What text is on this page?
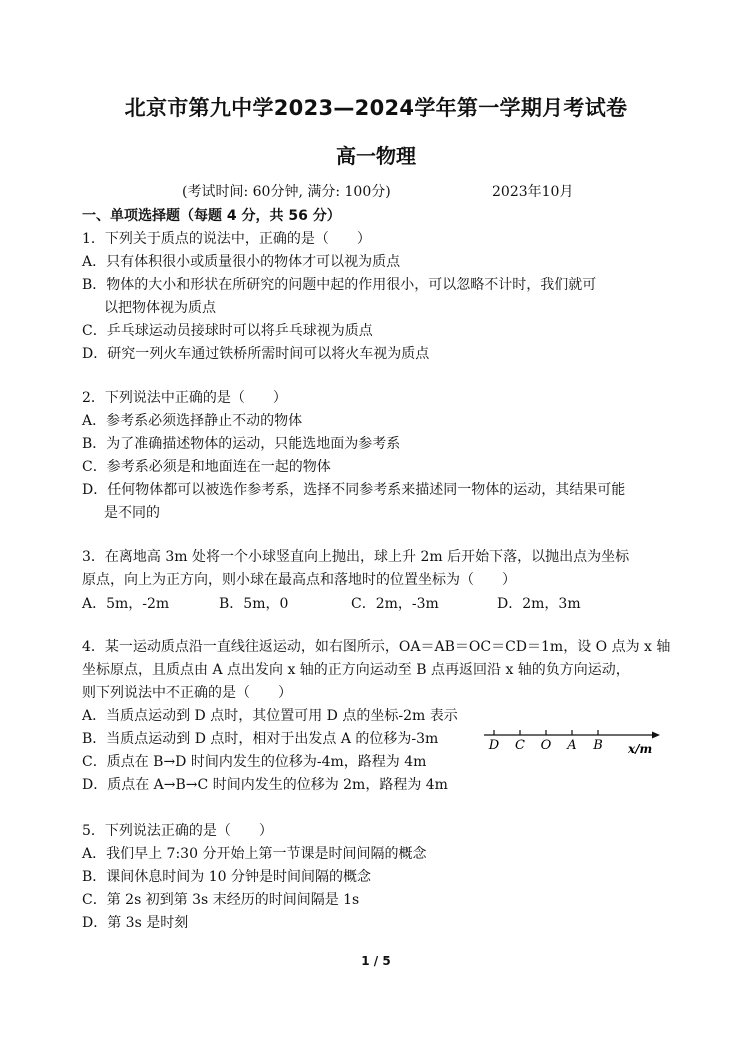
北京市第九中学2023—2024学年第一学期月考试卷
高一物理
(考试时间: 60分钟, 满分: 100分)	2023年10月
一、单项选择题（每题 4 分，共 56 分）
1．下列关于质点的说法中，正确的是（　　）
A．只有体积很小或质量很小的物体才可以视为质点
B．物体的大小和形状在所研究的问题中起的作用很小，可以忽略不计时，我们就可
以把物体视为质点
C．乒乓球运动员接球时可以将乒乓球视为质点
D．研究一列火车通过铁桥所需时间可以将火车视为质点
2．下列说法中正确的是（　　）
A．参考系必须选择静止不动的物体
B．为了准确描述物体的运动，只能选地面为参考系
C．参考系必须是和地面连在一起的物体
D．任何物体都可以被选作参考系，选择不同参考系来描述同一物体的运动，其结果可能
是不同的
3．在离地高 3m 处将一个小球竖直向上抛出，球上升 2m 后开始下落，以抛出点为坐标
原点，向上为正方向，则小球在最高点和落地时的位置坐标为（　　）
A．5m，-2m	B．5m，0	C．2m，-3m	D．2m，3m
4．某一运动质点沿一直线往返运动，如右图所示，OA＝AB＝OC＝CD＝1m，设 O 点为 x 轴
坐标原点，且质点由 A 点出发向 x 轴的正方向运动至 B 点再返回沿 x 轴的负方向运动，
则下列说法中不正确的是（　　）
A．当质点运动到 D 点时，其位置可用 D 点的坐标-2m 表示
B．当质点运动到 D 点时，相对于出发点 A 的位移为-3m
C．质点在 B→D 时间内发生的位移为-4m，路程为 4m
D．质点在 A→B→C 时间内发生的位移为 2m，路程为 4m
D C O A B x/m
5．下列说法正确的是（　　）
A．我们早上 7:30 分开始上第一节课是时间间隔的概念
B．课间休息时间为 10 分钟是时间间隔的概念
C．第 2s 初到第 3s 末经历的时间间隔是 1s
D．第 3s 是时刻
1 / 5
